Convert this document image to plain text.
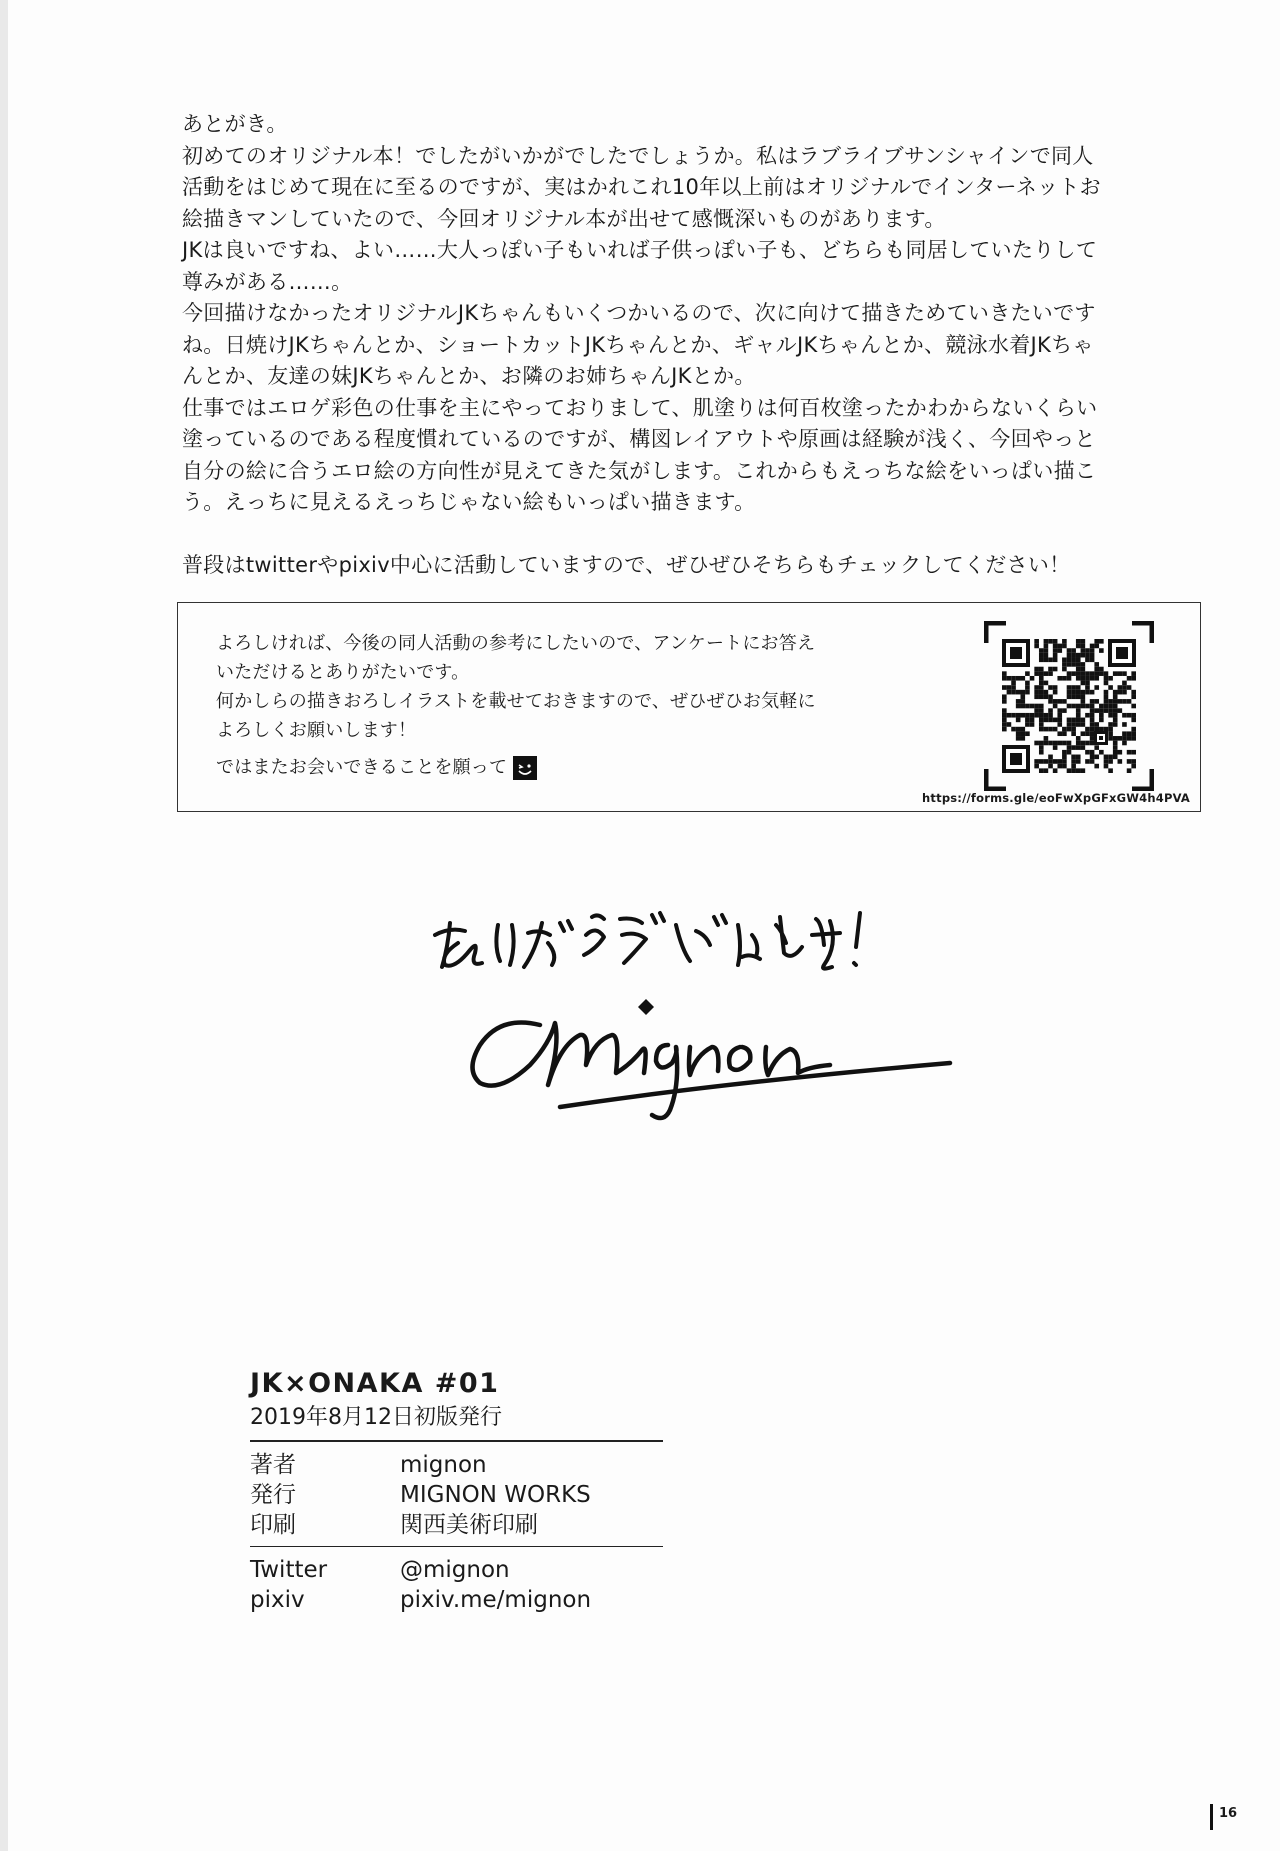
あとがき。

初めてのオリジナル本！でしたがいかがでしたでしょうか。私はラブライブサンシャインで同人
活動をはじめて現在に至るのですが、実はかれこれ10年以上前はオリジナルでインターネットお
絵描きマンしていたので、今回オリジナル本が出せて感慨深いものがあります。

JKは良いですね、よい……大人っぽい子もいれば子供っぽい子も、どちらも同居していたりして
尊みがある……。

今回描けなかったオリジナルJKちゃんもいくつかいるので、次に向けて描きためていきたいです
ね。日焼けJKちゃんとか、ショートカットJKちゃんとか、ギャルJKちゃんとか、競泳水着JKちゃ
んとか、友達の妹JKちゃんとか、お隣のお姉ちゃんJKとか。

仕事ではエロゲ彩色の仕事を主にやっておりまして、肌塗りは何百枚塗ったかわからないくらい
塗っているのである程度慣れているのですが、構図レイアウトや原画は経験が浅く、今回やっと
自分の絵に合うエロ絵の方向性が見えてきた気がします。これからもえっちな絵をいっぱい描こ
う。えっちに見えるえっちじゃない絵もいっぱい描きます。

普段はtwitterやpixiv中心に活動していますので、ぜひぜひそちらもチェックしてください！

よろしければ、今後の同人活動の参考にしたいので、アンケートにお答え
いただけるとありがたいです。

何かしらの描きおろしイラストを載せておきますので、ぜひぜひお気軽に
よろしくお願いします！

ではまたお会いできることを願って
https://forms.gle/eoFwXpGFxGW4h4PVA
JK×ONAKA #01
2019年8月12日初版発行
著者	mignon
発行	MIGNON WORKS
印刷	関西美術印刷
Twitter	@mignon
pixiv	pixiv.me/mignon
16
